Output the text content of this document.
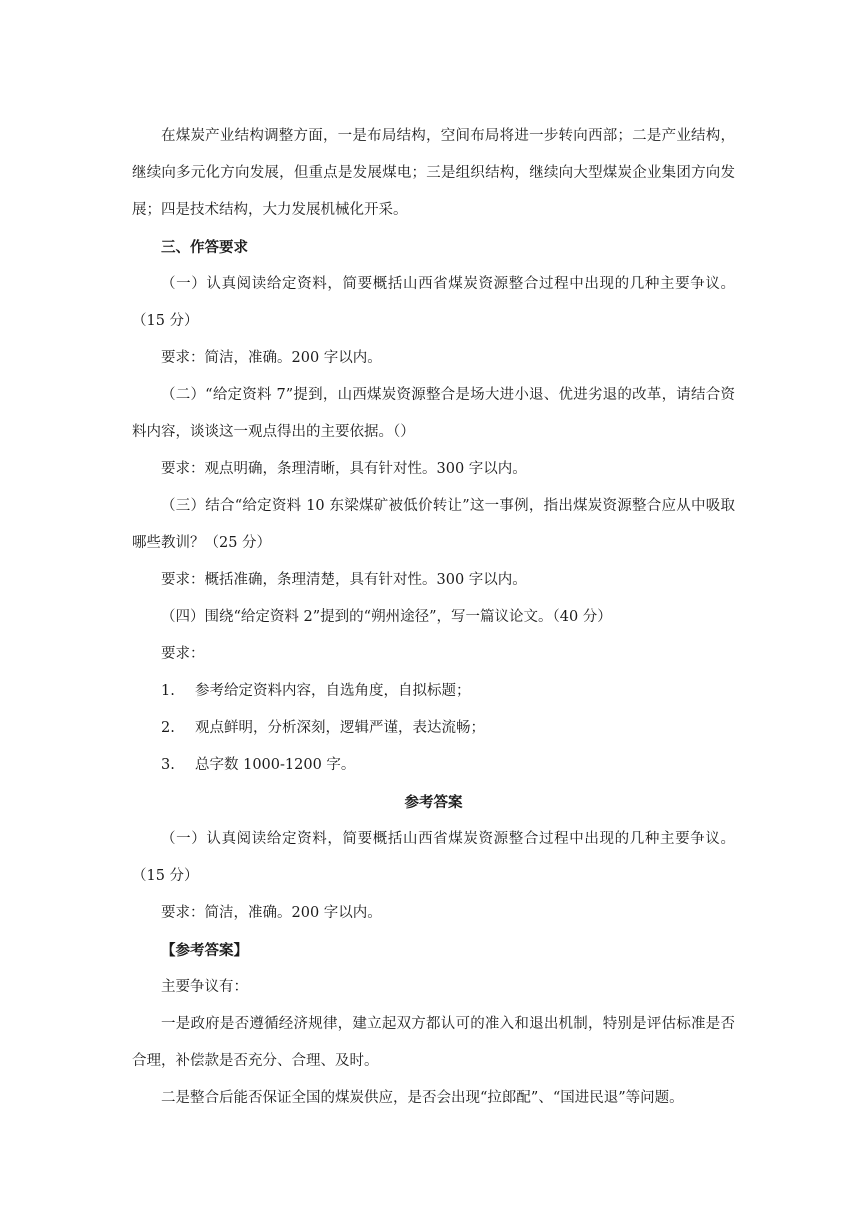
在煤炭产业结构调整方面，一是布局结构，空间布局将进一步转向西部；二是产业结构，继续向多元化方向发展，但重点是发展煤电；三是组织结构，继续向大型煤炭企业集团方向发展；四是技术结构，大力发展机械化开采。

三、作答要求

（一）认真阅读给定资料，简要概括山西省煤炭资源整合过程中出现的几种主要争议。（15 分）

要求：简洁，准确。200 字以内。

（二）“给定资料 7”提到，山西煤炭资源整合是场大进小退、优进劣退的改革，请结合资料内容，谈谈这一观点得出的主要依据。（）

要求：观点明确，条理清晰，具有针对性。300 字以内。

（三）结合“给定资料 10 东梁煤矿被低价转让”这一事例，指出煤炭资源整合应从中吸取哪些教训？（25 分）

要求：概括准确，条理清楚，具有针对性。300 字以内。

（四）围绕“给定资料 2”提到的“朔州途径”，写一篇议论文。（40 分）

要求：

1. 参考给定资料内容，自选角度，自拟标题；

2. 观点鲜明，分析深刻，逻辑严谨，表达流畅；

3. 总字数 1000-1200 字。

参考答案

（一）认真阅读给定资料，简要概括山西省煤炭资源整合过程中出现的几种主要争议。（15 分）

要求：简洁，准确。200 字以内。

【参考答案】

主要争议有：

一是政府是否遵循经济规律，建立起双方都认可的准入和退出机制，特别是评估标准是否合理，补偿款是否充分、合理、及时。

二是整合后能否保证全国的煤炭供应，是否会出现“拉郎配”、“国进民退”等问题。
